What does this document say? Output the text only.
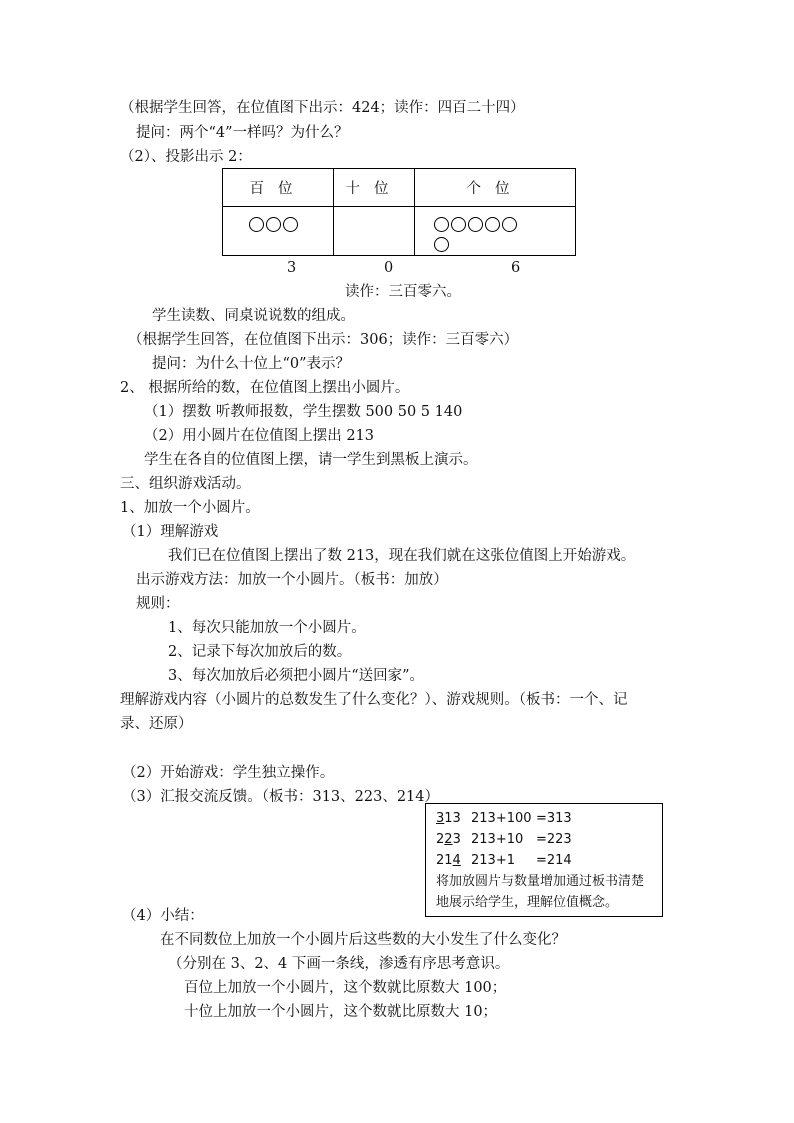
（根据学生回答，在位值图下出示：424；读作：四百二十四）
提问：两个“4”一样吗？为什么？
（2）、投影出示 2：
百位	十位	个位

3	0	6
读作：三百零六。
学生读数、同桌说说数的组成。
（根据学生回答，在位值图下出示：306；读作：三百零六）
提问：为什么十位上“0”表示？
2、 根据所给的数，在位值图上摆出小圆片。
（1）摆数 听教师报数，学生摆数 500 50 5 140
（2）用小圆片在位值图上摆出 213
学生在各自的位值图上摆，请一学生到黑板上演示。
三、组织游戏活动。
1、加放一个小圆片。
（1）理解游戏
我们已在位值图上摆出了数 213，现在我们就在这张位值图上开始游戏。
出示游戏方法：加放一个小圆片。（板书：加放）
规则：
1、每次只能加放一个小圆片。
2、记录下每次加放后的数。
3、每次加放后必须把小圆片“送回家”。
理解游戏内容（小圆片的总数发生了什么变化？）、游戏规则。（板书：一个、记
录、还原）
（2）开始游戏：学生独立操作。
（3）汇报交流反馈。（板书：313、223、214）
313 213+100 =313
223 213+10 =223
214 213+1 =214
将加放圆片与数量增加通过板书清楚地展示给学生，理解位值概念。
（4）小结：
在不同数位上加放一个小圆片后这些数的大小发生了什么变化？
（分别在 3、2、4 下画一条线，渗透有序思考意识。
百位上加放一个小圆片，这个数就比原数大 100；
十位上加放一个小圆片，这个数就比原数大 10；
